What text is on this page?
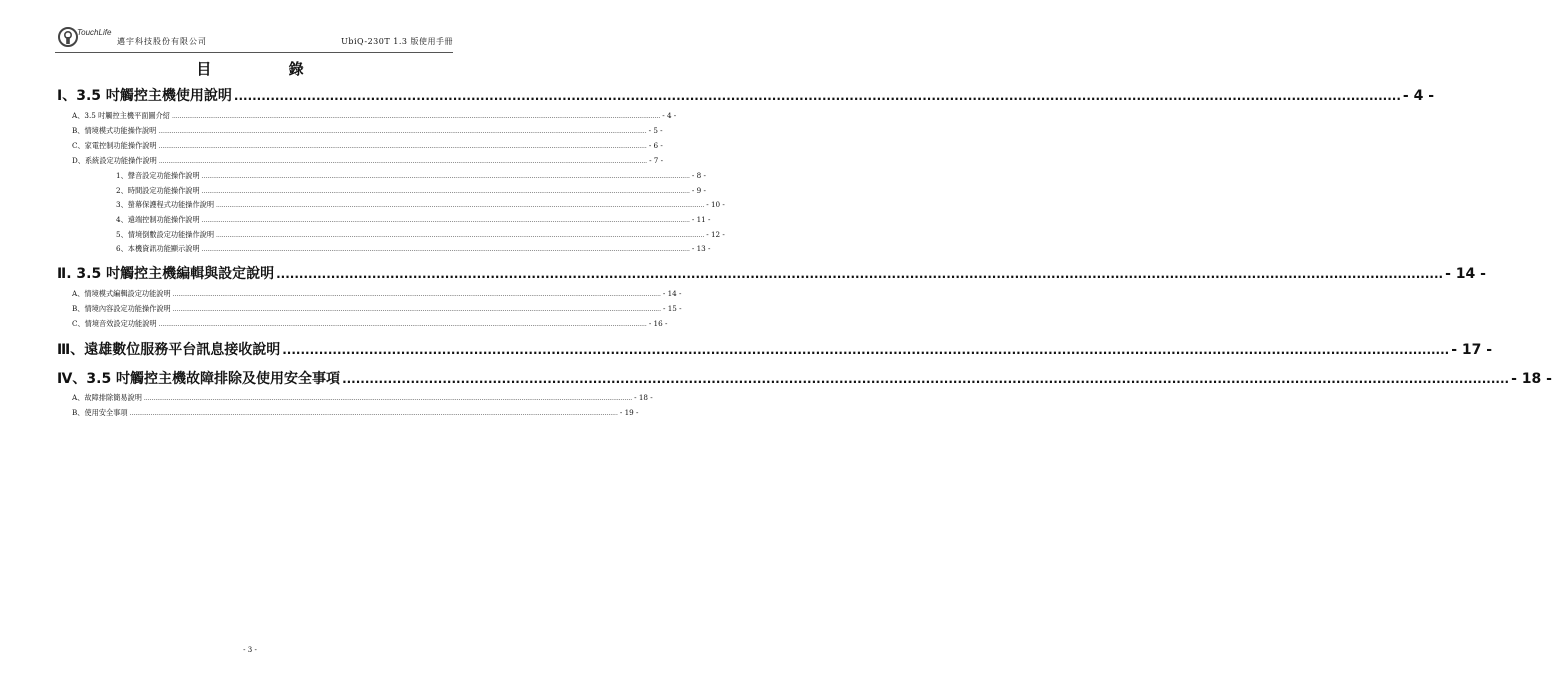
TouchLife
邁宇科技股份有限公司	UbiQ-230T 1.3 版使用手冊
目 錄
Ⅰ、3.5 吋觸控主機使用說明 ................................................................................................................................................................................................................................................................ - 4 -
A、3.5 吋觸控主機平面圖介紹 ................................................................................................................................................................................................................................................................ - 4 -
B、情境模式功能操作說明 ................................................................................................................................................................................................................................................................ - 5 -
C、家電控制功能操作說明 ................................................................................................................................................................................................................................................................ - 6 -
D、系統設定功能操作說明 ................................................................................................................................................................................................................................................................ - 7 -
1、聲音設定功能操作說明 ................................................................................................................................................................................................................................................................ - 8 -
2、時間設定功能操作說明 ................................................................................................................................................................................................................................................................ - 9 -
3、螢幕保護程式功能操作說明 ................................................................................................................................................................................................................................................................ - 10 -
4、遠端控制功能操作說明 ................................................................................................................................................................................................................................................................ - 11 -
5、情境倒數設定功能操作說明 ................................................................................................................................................................................................................................................................ - 12 -
6、本機資訊功能顯示說明 ................................................................................................................................................................................................................................................................ - 13 -
Ⅱ. 3.5 吋觸控主機編輯與設定說明 ................................................................................................................................................................................................................................................................ - 14 -
A、情境模式編輯設定功能說明 ................................................................................................................................................................................................................................................................ - 14 -
B、情境內容設定功能操作說明 ................................................................................................................................................................................................................................................................ - 15 -
C、情境音效設定功能說明 ................................................................................................................................................................................................................................................................ - 16 -
Ⅲ、遠雄數位服務平台訊息接收說明 ................................................................................................................................................................................................................................................................ - 17 -
Ⅳ、3.5 吋觸控主機故障排除及使用安全事項 ................................................................................................................................................................................................................................................................ - 18 -
A、故障排除簡易說明 ................................................................................................................................................................................................................................................................ - 18 -
B、使用安全事項 ................................................................................................................................................................................................................................................................ - 19 -
- 3 -
